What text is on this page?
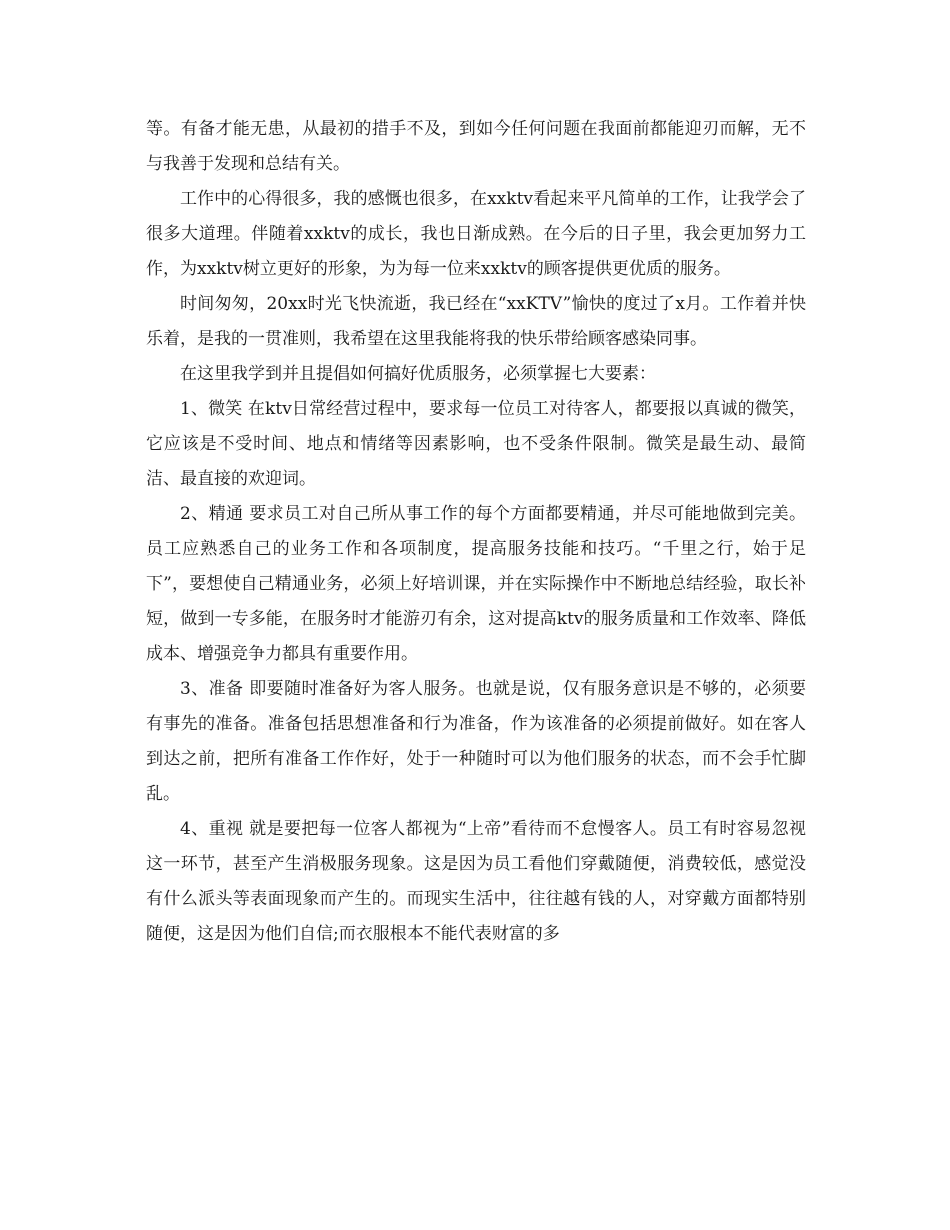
等。有备才能无患，从最初的措手不及，到如今任何问题在我面前都能迎刃而解，无不与我善于发现和总结有关。

工作中的心得很多，我的感慨也很多，在xxktv看起来平凡简单的工作，让我学会了很多大道理。伴随着xxktv的成长，我也日渐成熟。在今后的日子里，我会更加努力工作，为xxktv树立更好的形象，为为每一位来xxktv的顾客提供更优质的服务。

时间匆匆，20xx时光飞快流逝，我已经在“xxKTV”愉快的度过了x月。工作着并快乐着，是我的一贯准则，我希望在这里我能将我的快乐带给顾客感染同事。

在这里我学到并且提倡如何搞好优质服务，必须掌握七大要素：

1、微笑 在ktv日常经营过程中，要求每一位员工对待客人，都要报以真诚的微笑，它应该是不受时间、地点和情绪等因素影响，也不受条件限制。微笑是最生动、最简洁、最直接的欢迎词。

2、精通 要求员工对自己所从事工作的每个方面都要精通，并尽可能地做到完美。员工应熟悉自己的业务工作和各项制度，提高服务技能和技巧。“千里之行，始于足下”，要想使自己精通业务，必须上好培训课，并在实际操作中不断地总结经验，取长补短，做到一专多能，在服务时才能游刃有余，这对提高ktv的服务质量和工作效率、降低成本、增强竞争力都具有重要作用。

3、准备 即要随时准备好为客人服务。也就是说，仅有服务意识是不够的，必须要有事先的准备。准备包括思想准备和行为准备，作为该准备的必须提前做好。如在客人到达之前，把所有准备工作作好，处于一种随时可以为他们服务的状态，而不会手忙脚乱。

4、重视 就是要把每一位客人都视为“上帝”看待而不怠慢客人。员工有时容易忽视这一环节，甚至产生消极服务现象。这是因为员工看他们穿戴随便，消费较低，感觉没有什么派头等表面现象而产生的。而现实生活中，往往越有钱的人，对穿戴方面都特别随便，这是因为他们自信;而衣服根本不能代表财富的多
